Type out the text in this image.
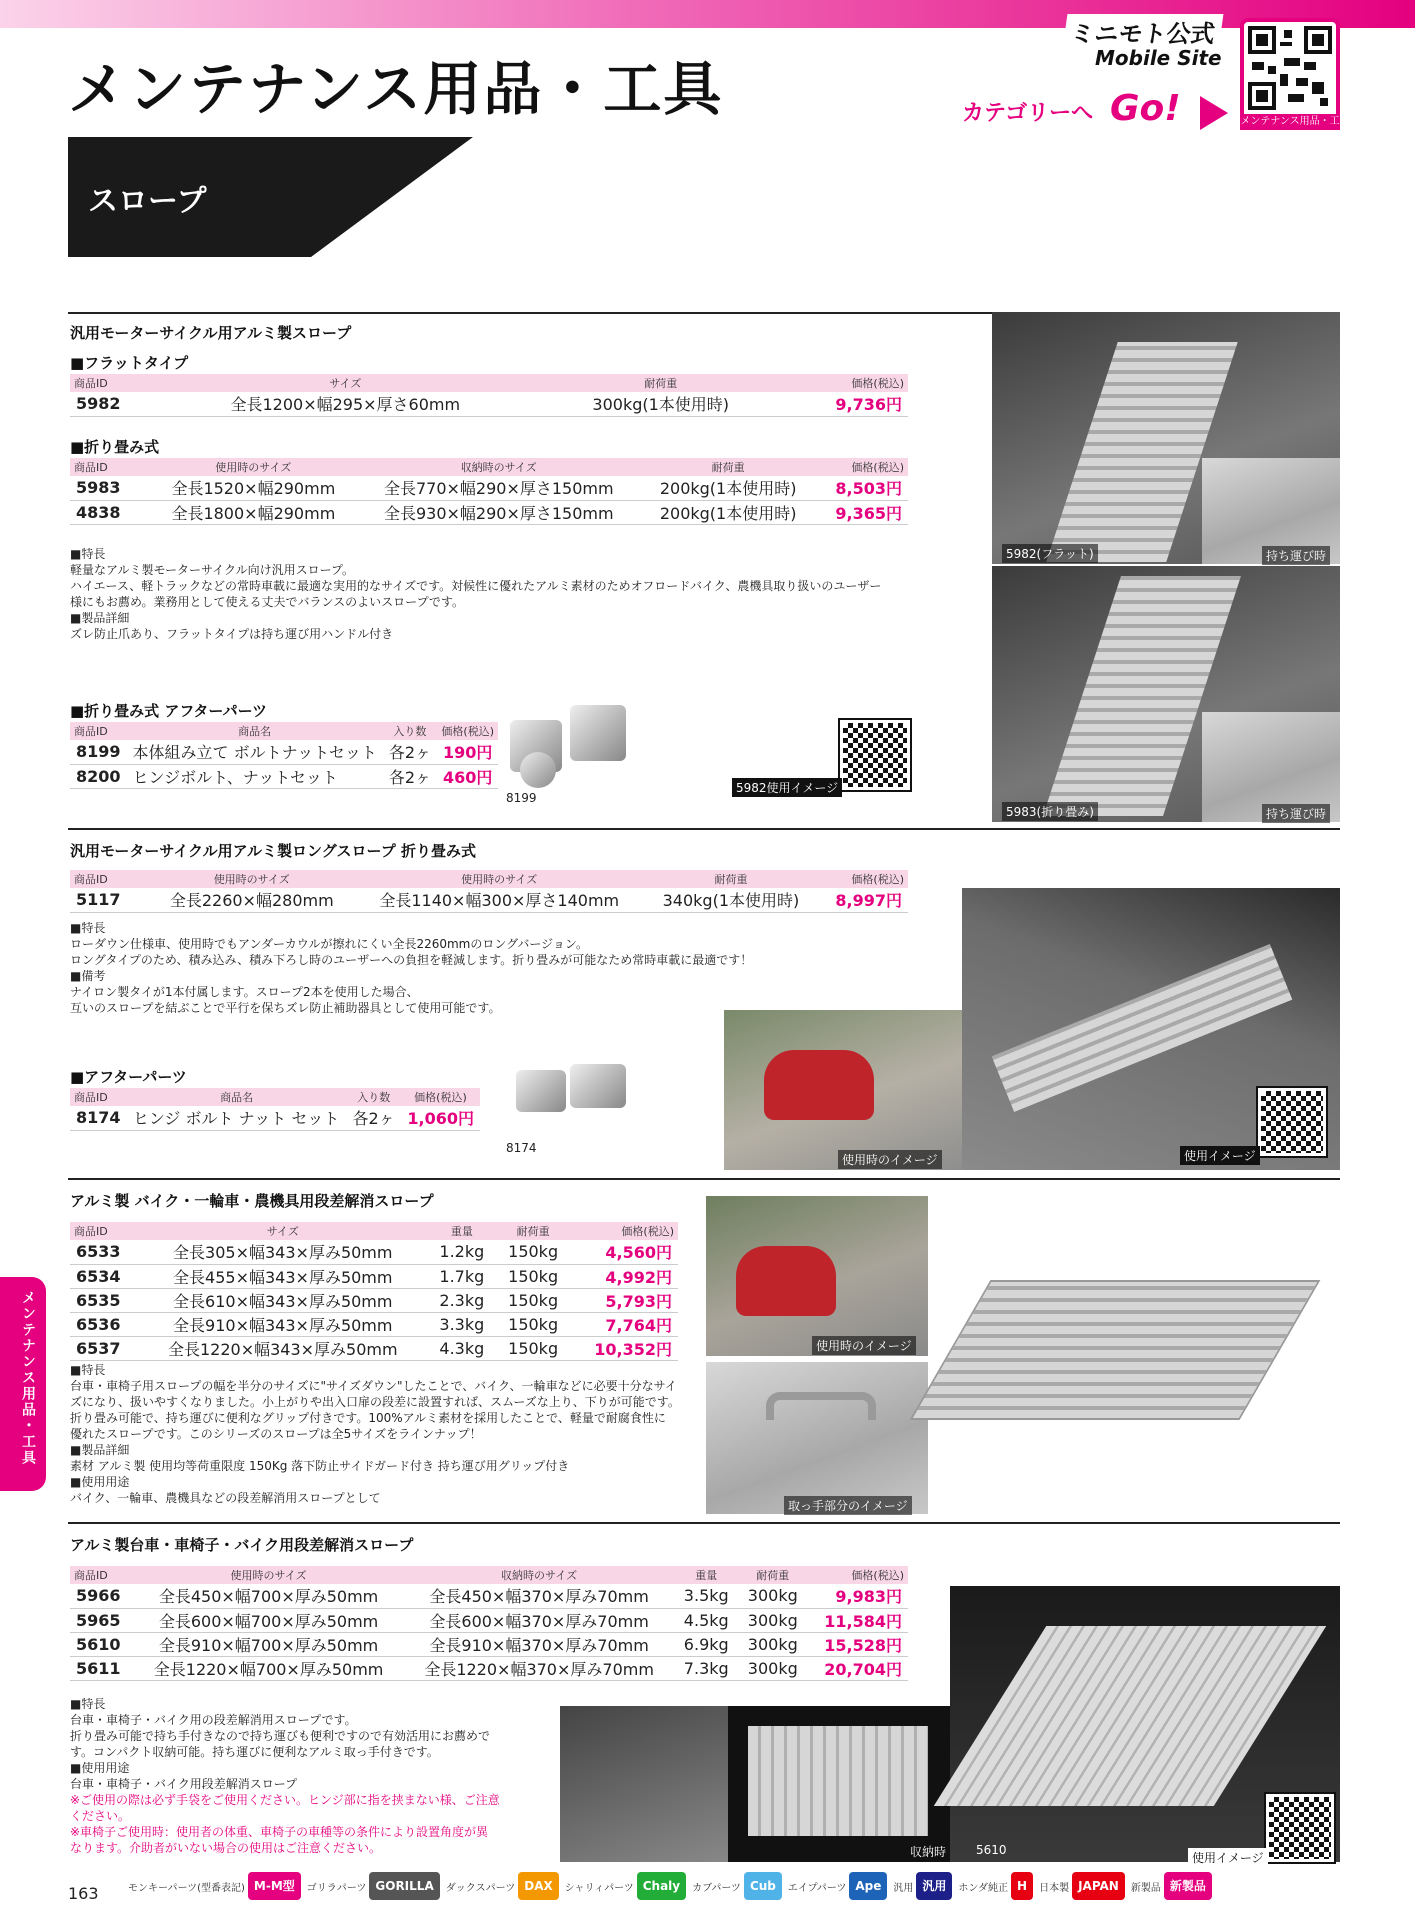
メンテナンス用品・工具
スロープ
ミニモト公式
Mobile Site
カテゴリーへ Go!	メンテナンス用品・工具
汎用モーターサイクル用アルミ製スロープ
■フラットタイプ
商品ID	サイズ	耐荷重	価格(税込)
5982	全長1200×幅295×厚さ60mm	300kg(1本使用時)	9,736円
■折り畳み式
商品ID	使用時のサイズ	収納時のサイズ	耐荷重	価格(税込)
5983	全長1520×幅290mm	全長770×幅290×厚さ150mm	200kg(1本使用時)	8,503円
4838	全長1800×幅290mm	全長930×幅290×厚さ150mm	200kg(1本使用時)	9,365円
■特長
軽量なアルミ製モーターサイクル向け汎用スロープ。
ハイエース、軽トラックなどの常時車載に最適な実用的なサイズです。対候性に優れたアルミ素材のためオフロードバイク、農機具取り扱いのユーザー
様にもお薦め。業務用として使える丈夫でバランスのよいスロープです。
■製品詳細
ズレ防止爪あり、フラットタイプは持ち運び用ハンドル付き
■折り畳み式 アフターパーツ
商品ID	商品名	入り数	価格(税込)
8199	本体組み立て ボルトナットセット	各2ヶ	190円
8200	ヒンジボルト、ナットセット	各2ヶ	460円
8199
5982使用イメージ
5982(フラット)	持ち運び時
5983(折り畳み)	持ち運び時
汎用モーターサイクル用アルミ製ロングスロープ 折り畳み式
商品ID	使用時のサイズ	使用時のサイズ	耐荷重	価格(税込)
5117	全長2260×幅280mm	全長1140×幅300×厚さ140mm	340kg(1本使用時)	8,997円
■特長
ローダウン仕様車、使用時でもアンダーカウルが擦れにくい全長2260mmのロングバージョン。
ロングタイプのため、積み込み、積み下ろし時のユーザーへの負担を軽減します。折り畳みが可能なため常時車載に最適です！
■備考
ナイロン製タイが1本付属します。スロープ2本を使用した場合、
互いのスロープを結ぶことで平行を保ちズレ防止補助器具として使用可能です。
■アフターパーツ
商品ID	商品名	入り数	価格(税込)
8174	ヒンジ ボルト ナット セット	各2ヶ	1,060円
8174
使用時のイメージ	使用イメージ
アルミ製 バイク・一輪車・農機具用段差解消スロープ
商品ID	サイズ	重量	耐荷重	価格(税込)
6533	全長305×幅343×厚み50mm	1.2kg	150kg	4,560円
6534	全長455×幅343×厚み50mm	1.7kg	150kg	4,992円
6535	全長610×幅343×厚み50mm	2.3kg	150kg	5,793円
6536	全長910×幅343×厚み50mm	3.3kg	150kg	7,764円
6537	全長1220×幅343×厚み50mm	4.3kg	150kg	10,352円
■特長
台車・車椅子用スロープの幅を半分のサイズに"サイズダウン"したことで、バイク、一輪車などに必要十分なサイ
ズになり、扱いやすくなりました。小上がりや出入口扉の段差に設置すれば、スムーズな上り、下りが可能です。
折り畳み可能で、持ち運びに便利なグリップ付きです。100%アルミ素材を採用したことで、軽量で耐腐食性に
優れたスロープです。このシリーズのスロープは全5サイズをラインナップ！
■製品詳細
素材 アルミ製 使用均等荷重限度 150Kg 落下防止サイドガード付き 持ち運び用グリップ付き
■使用用途
バイク、一輪車、農機具などの段差解消用スロープとして
使用時のイメージ
取っ手部分のイメージ
アルミ製台車・車椅子・バイク用段差解消スロープ
商品ID	使用時のサイズ	収納時のサイズ	重量	耐荷重	価格(税込)
5966	全長450×幅700×厚み50mm	全長450×幅370×厚み70mm	3.5kg	300kg	9,983円
5965	全長600×幅700×厚み50mm	全長600×幅370×厚み70mm	4.5kg	300kg	11,584円
5610	全長910×幅700×厚み50mm	全長910×幅370×厚み70mm	6.9kg	300kg	15,528円
5611	全長1220×幅700×厚み50mm	全長1220×幅370×厚み70mm	7.3kg	300kg	20,704円
■特長
台車・車椅子・バイク用の段差解消用スロープです。
折り畳み可能で持ち手付きなので持ち運びも便利ですので有効活用にお薦めで
す。コンパクト収納可能。持ち運びに便利なアルミ取っ手付きです。
■使用用途
台車・車椅子・バイク用段差解消スロープ
※ご使用の際は必ず手袋をご使用ください。ヒンジ部に指を挟まない様、ご注意
ください。
※車椅子ご使用時：使用者の体重、車椅子の車種等の条件により設置角度が異
なります。介助者がいない場合の使用はご注意ください。	収納時	5610
使用イメージ
メンテナンス用品・工具
163	モンキーパーツ(型番表記) M-M型	ゴリラパーツ GORILLA	ダックスパーツ DAX	シャリィパーツ Chaly	カブパーツ Cub	エイプパーツ Ape	汎用 汎用	ホンダ純正 H	日本製 JAPAN	新製品 新製品
